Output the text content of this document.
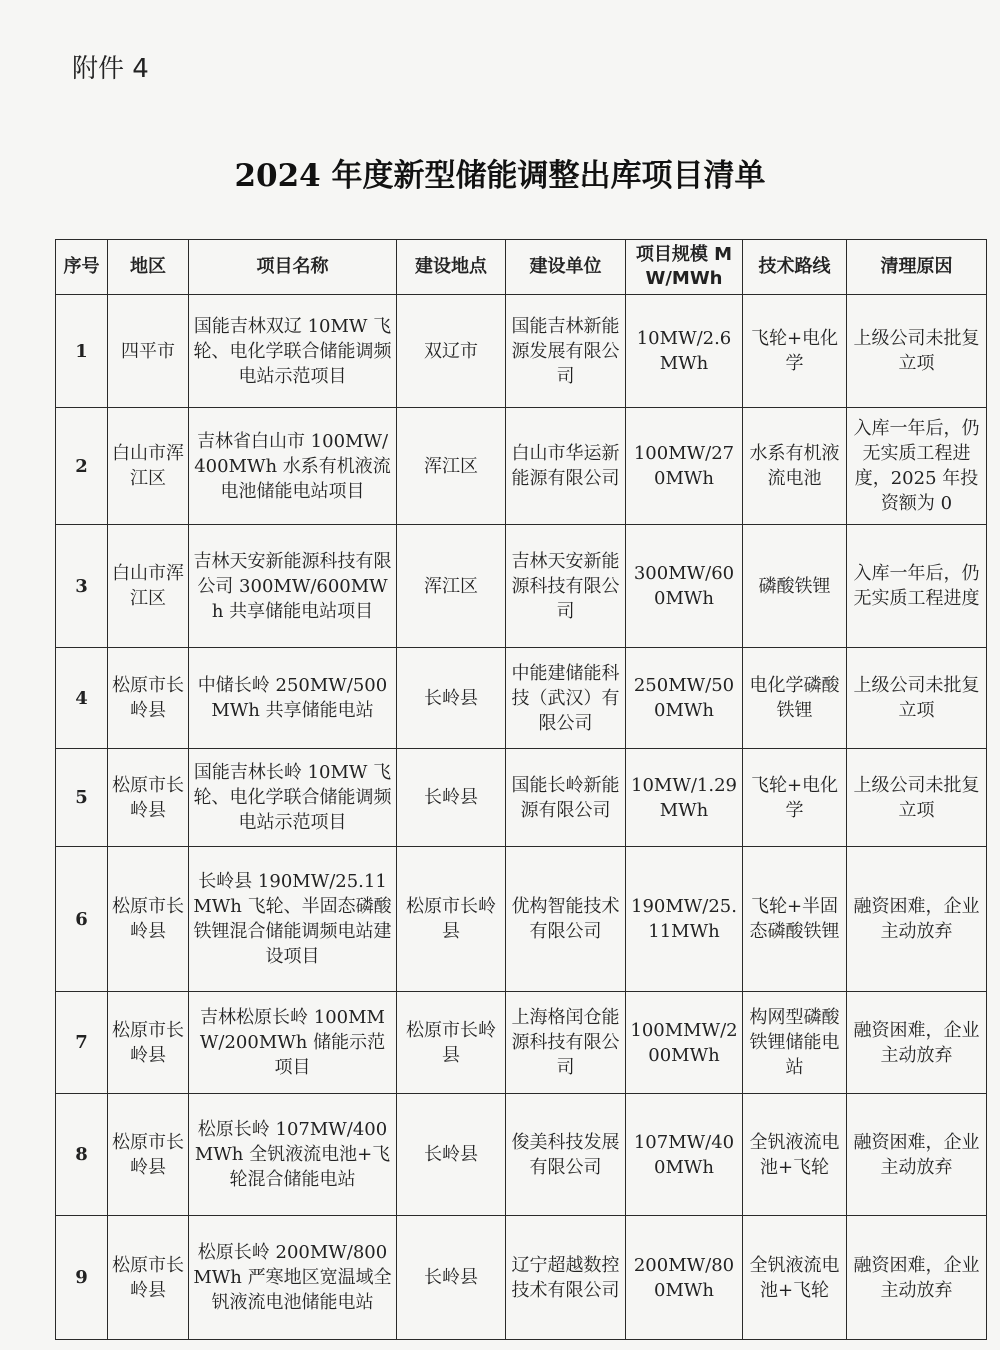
附件 4
2024 年度新型储能调整出库项目清单
序号	地区	项目名称	建设地点	建设单位	项目规模 MW/MWh	技术路线	清理原因
1	四平市	国能吉林双辽 10MW 飞轮、电化学联合储能调频电站示范项目	双辽市	国能吉林新能源发展有限公司	10MW/2.6MWh	飞轮+电化学	上级公司未批复立项
2	白山市浑江区	吉林省白山市 100MW/400MWh 水系有机液流电池储能电站项目	浑江区	白山市华运新能源有限公司	100MW/270MWh	水系有机液流电池	入库一年后，仍无实质工程进度，2025 年投资额为 0
3	白山市浑江区	吉林天安新能源科技有限公司 300MW/600MWh 共享储能电站项目	浑江区	吉林天安新能源科技有限公司	300MW/600MWh	磷酸铁锂	入库一年后，仍无实质工程进度
4	松原市长岭县	中储长岭 250MW/500MWh 共享储能电站	长岭县	中能建储能科技（武汉）有限公司	250MW/500MWh	电化学磷酸铁锂	上级公司未批复立项
5	松原市长岭县	国能吉林长岭 10MW 飞轮、电化学联合储能调频电站示范项目	长岭县	国能长岭新能源有限公司	10MW/1.29MWh	飞轮+电化学	上级公司未批复立项
6	松原市长岭县	长岭县 190MW/25.11MWh 飞轮、半固态磷酸铁锂混合储能调频电站建设项目	松原市长岭县	优构智能技术有限公司	190MW/25.11MWh	飞轮+半固态磷酸铁锂	融资困难，企业主动放弃
7	松原市长岭县	吉林松原长岭 100MMW/200MWh 储能示范项目	松原市长岭县	上海格闰仓能源科技有限公司	100MMW/200MWh	构网型磷酸铁锂储能电站	融资困难，企业主动放弃
8	松原市长岭县	松原长岭 107MW/400MWh 全钒液流电池+飞轮混合储能电站	长岭县	俊美科技发展有限公司	107MW/400MWh	全钒液流电池+飞轮	融资困难，企业主动放弃
9	松原市长岭县	松原长岭 200MW/800MWh 严寒地区宽温域全钒液流电池储能电站	长岭县	辽宁超越数控技术有限公司	200MW/800MWh	全钒液流电池+飞轮	融资困难，企业主动放弃
